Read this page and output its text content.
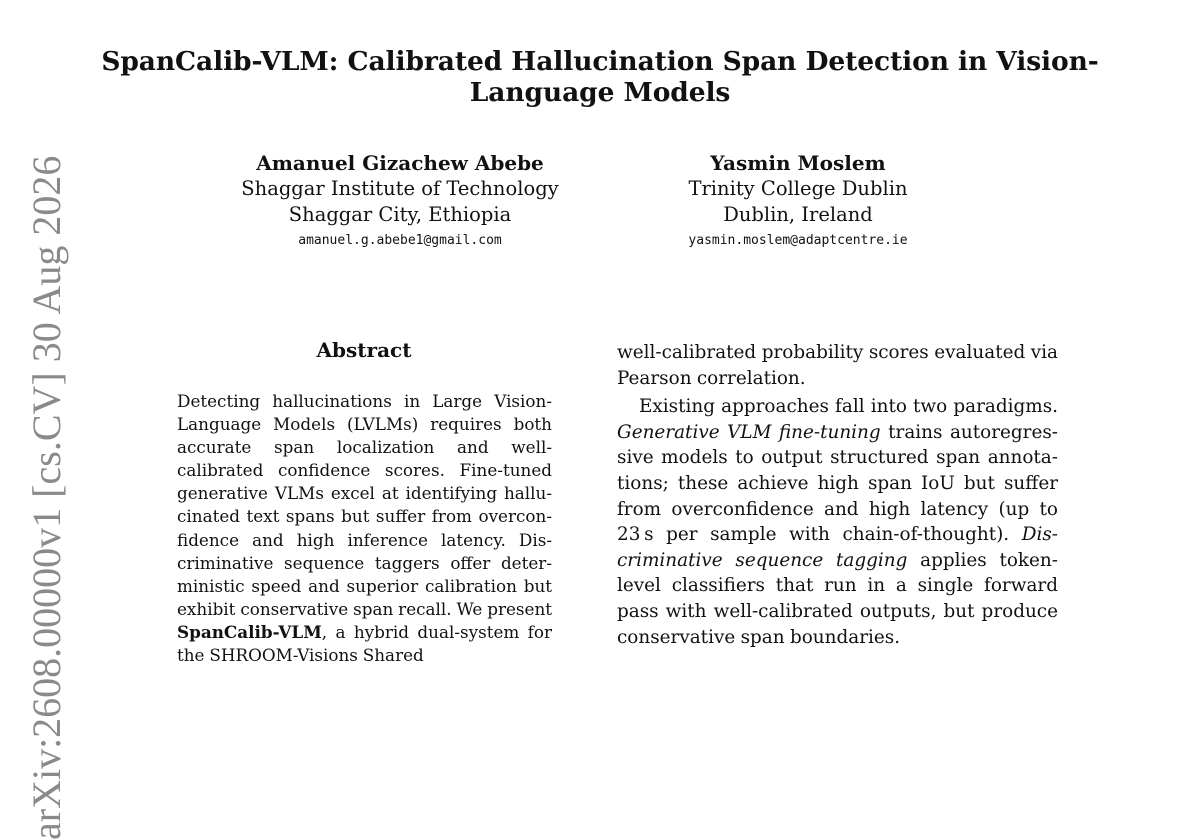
arXiv:2608.00000v1 [cs.CV] 30 Aug 2026
SpanCalib-VLM: Calibrated Hallucination Span Detection in Vision-Language Models
Amanuel Gizachew Abebe
Shaggar Institute of Technology
Shaggar City, Ethiopia
amanuel.g.abebe1@gmail.com
Yasmin Moslem
Trinity College Dublin
Dublin, Ireland
yasmin.moslem@adaptcentre.ie
Abstract
Detecting hallucinations in Large Vision-Language Models (LVLMs) requires both accurate span localization and well-calibrated confidence scores. Fine-tuned generative VLMs excel at identifying hallucinated text spans but suffer from overconfidence and high inference latency. Discriminative sequence taggers offer deterministic speed and superior calibration but exhibit conservative span recall. We present SpanCalib-VLM, a hybrid dual-system for the SHROOM-Visions Shared

well-calibrated probability scores evaluated via Pearson correlation.

Existing approaches fall into two paradigms. Generative VLM fine-tuning trains autoregressive models to output structured span annotations; these achieve high span IoU but suffer from overconfidence and high latency (up to 23 s per sample with chain-of-thought). Discriminative sequence tagging applies token-level classifiers that run in a single forward pass with well-calibrated outputs, but produce conservative span boundaries.
